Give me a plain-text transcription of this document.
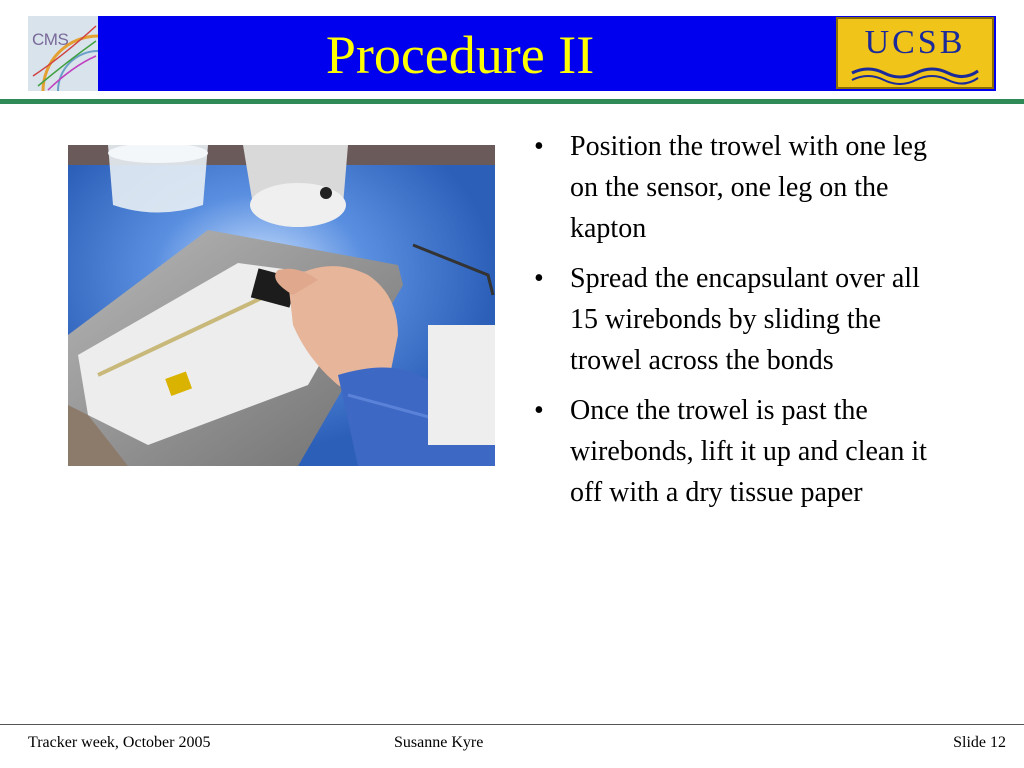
CMS	Procedure II	UCSB
• Position the trowel with one leg on the sensor, one leg on the kapton
• Spread the encapsulant over all 15 wirebonds by sliding the trowel across the bonds
• Once the trowel is past the wirebonds, lift it up and clean it off with a dry tissue paper
Tracker week, October 2005	Susanne Kyre	Slide 12
